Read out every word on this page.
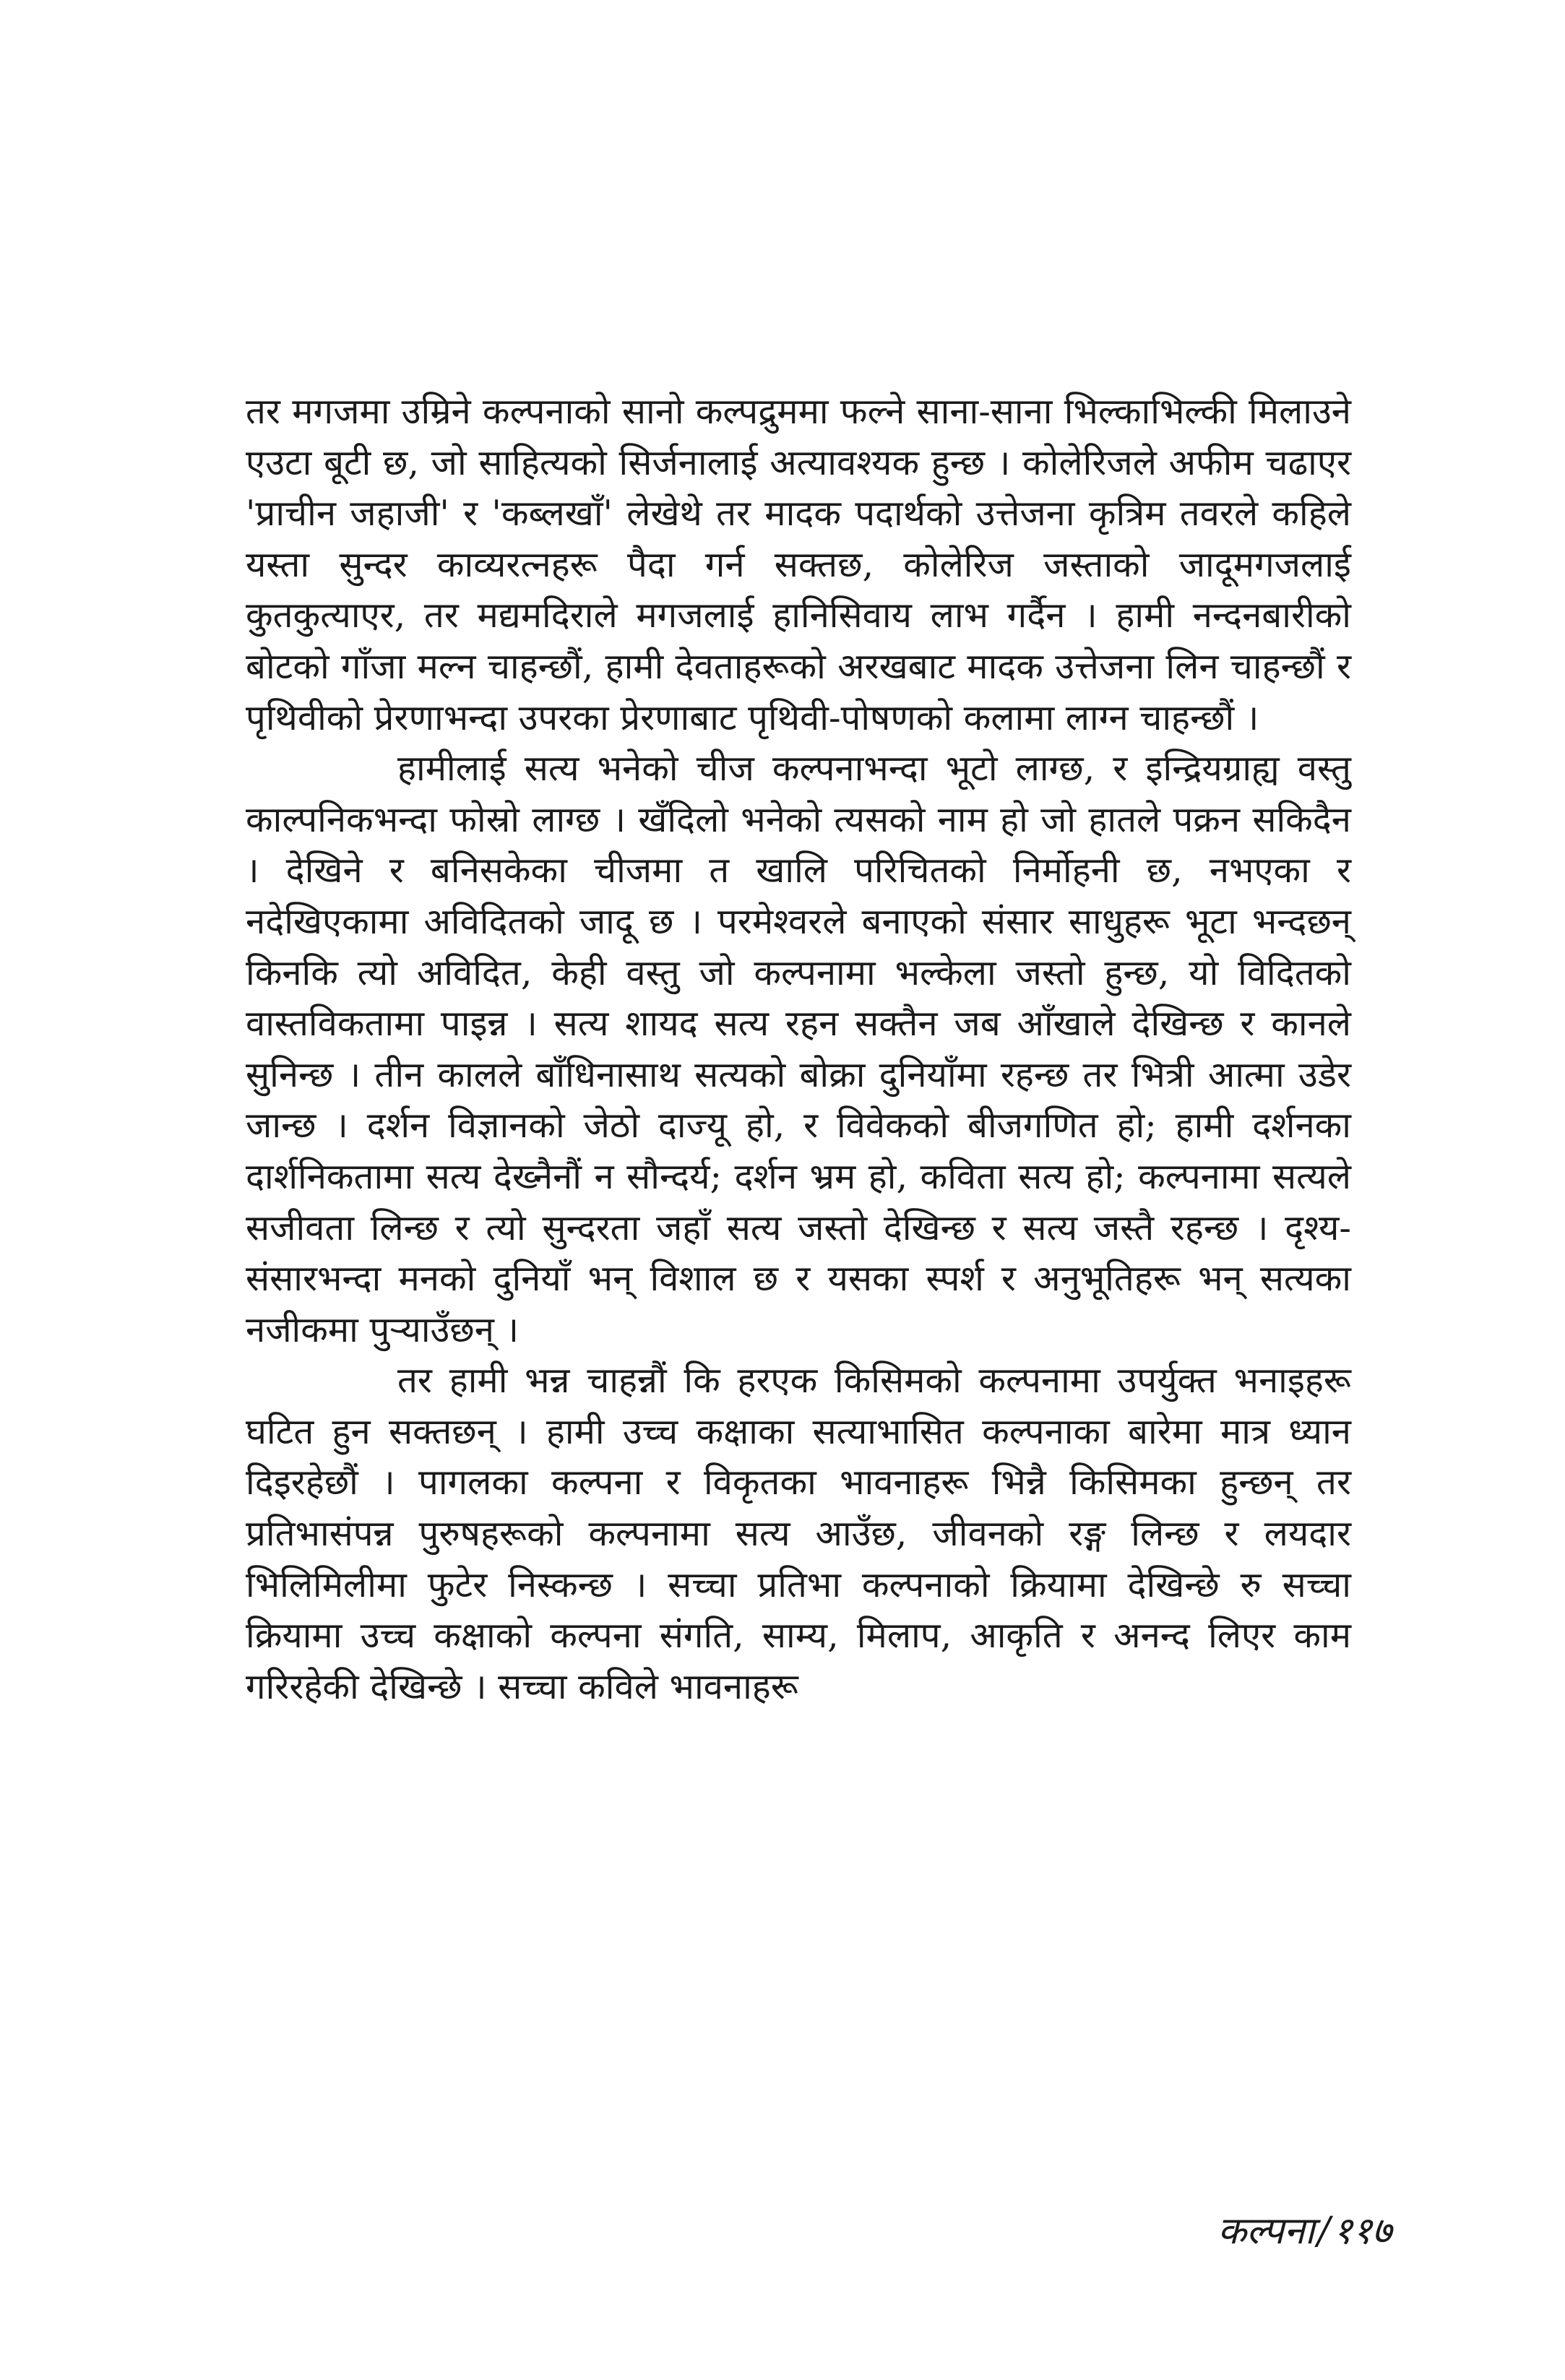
तर मगजमा उम्रिने कल्पनाको सानो कल्पद्रुममा फल्ने साना-साना भिल्काभिल्की मिलाउने एउटा बूटी छ, जो साहित्यको सिर्जनालाई अत्यावश्यक हुन्छ । कोलेरिजले अफीम चढाएर 'प्राचीन जहाजी' र 'कब्लखाँ' लेखेथे तर मादक पदार्थको उत्तेजना कृत्रिम तवरले कहिले यस्ता सुन्दर काव्यरत्नहरू पैदा गर्न सक्तछ, कोलेरिज जस्ताको जादूमगजलाई कुतकुत्याएर, तर मद्यमदिराले मगजलाई हानिसिवाय लाभ गर्दैन । हामी नन्दनबारीको बोटको गाँजा मल्न चाहन्छौं, हामी देवताहरूको अरखबाट मादक उत्तेजना लिन चाहन्छौं र पृथिवीको प्रेरणाभन्दा उपरका प्रेरणाबाट पृथिवी-पोषणको कलामा लाग्न चाहन्छौं ।

हामीलाई सत्य भनेको चीज कल्पनाभन्दा भूटो लाग्छ, र इन्द्रियग्राह्य वस्तु काल्पनिकभन्दा फोस्रो लाग्छ । खँदिलो भनेको त्यसको नाम हो जो हातले पक्रन सकिदैन । देखिने र बनिसकेका चीजमा त खालि परिचितको निर्मोहनी छ, नभएका र नदेखिएकामा अविदितको जादू छ । परमेश्वरले बनाएको संसार साधुहरू भूटा भन्दछन् किनकि त्यो अविदित, केही वस्तु जो कल्पनामा भल्केला जस्तो हुन्छ, यो विदितको वास्तविकतामा पाइन्न । सत्य शायद सत्य रहन सक्तैन जब आँखाले देखिन्छ र कानले सुनिन्छ । तीन कालले बाँधिनासाथ सत्यको बोक्रा दुनियाँमा रहन्छ तर भित्री आत्मा उडेर जान्छ । दर्शन विज्ञानको जेठो दाज्यू हो, र विवेकको बीजगणित हो; हामी दर्शनका दार्शनिकतामा सत्य देख्नैनौं न सौन्दर्य; दर्शन भ्रम हो, कविता सत्य हो; कल्पनामा सत्यले सजीवता लिन्छ र त्यो सुन्दरता जहाँ सत्य जस्तो देखिन्छ र सत्य जस्तै रहन्छ । दृश्य-संसारभन्दा मनको दुनियाँ भन् विशाल छ र यसका स्पर्श र अनुभूतिहरू भन् सत्यका नजीकमा पुऱ्याउँछन् ।

तर हामी भन्न चाहन्नौं कि हरएक किसिमको कल्पनामा उपर्युक्त भनाइहरू घटित हुन सक्तछन् । हामी उच्च कक्षाका सत्याभासित कल्पनाका बारेमा मात्र ध्यान दिइरहेछौं । पागलका कल्पना र विकृतका भावनाहरू भिन्नै किसिमका हुन्छन् तर प्रतिभासंपन्न पुरुषहरूको कल्पनामा सत्य आउँछ, जीवनको रङ्ग लिन्छ र लयदार भिलिमिलीमा फुटेर निस्कन्छ । सच्चा प्रतिभा कल्पनाको क्रियामा देखिन्छे रु सच्चा क्रियामा उच्च कक्षाको कल्पना संगति, साम्य, मिलाप, आकृति र अनन्द लिएर काम गरिरहेकी देखिन्छे । सच्चा कविले भावनाहरू

कल्पना/११७
